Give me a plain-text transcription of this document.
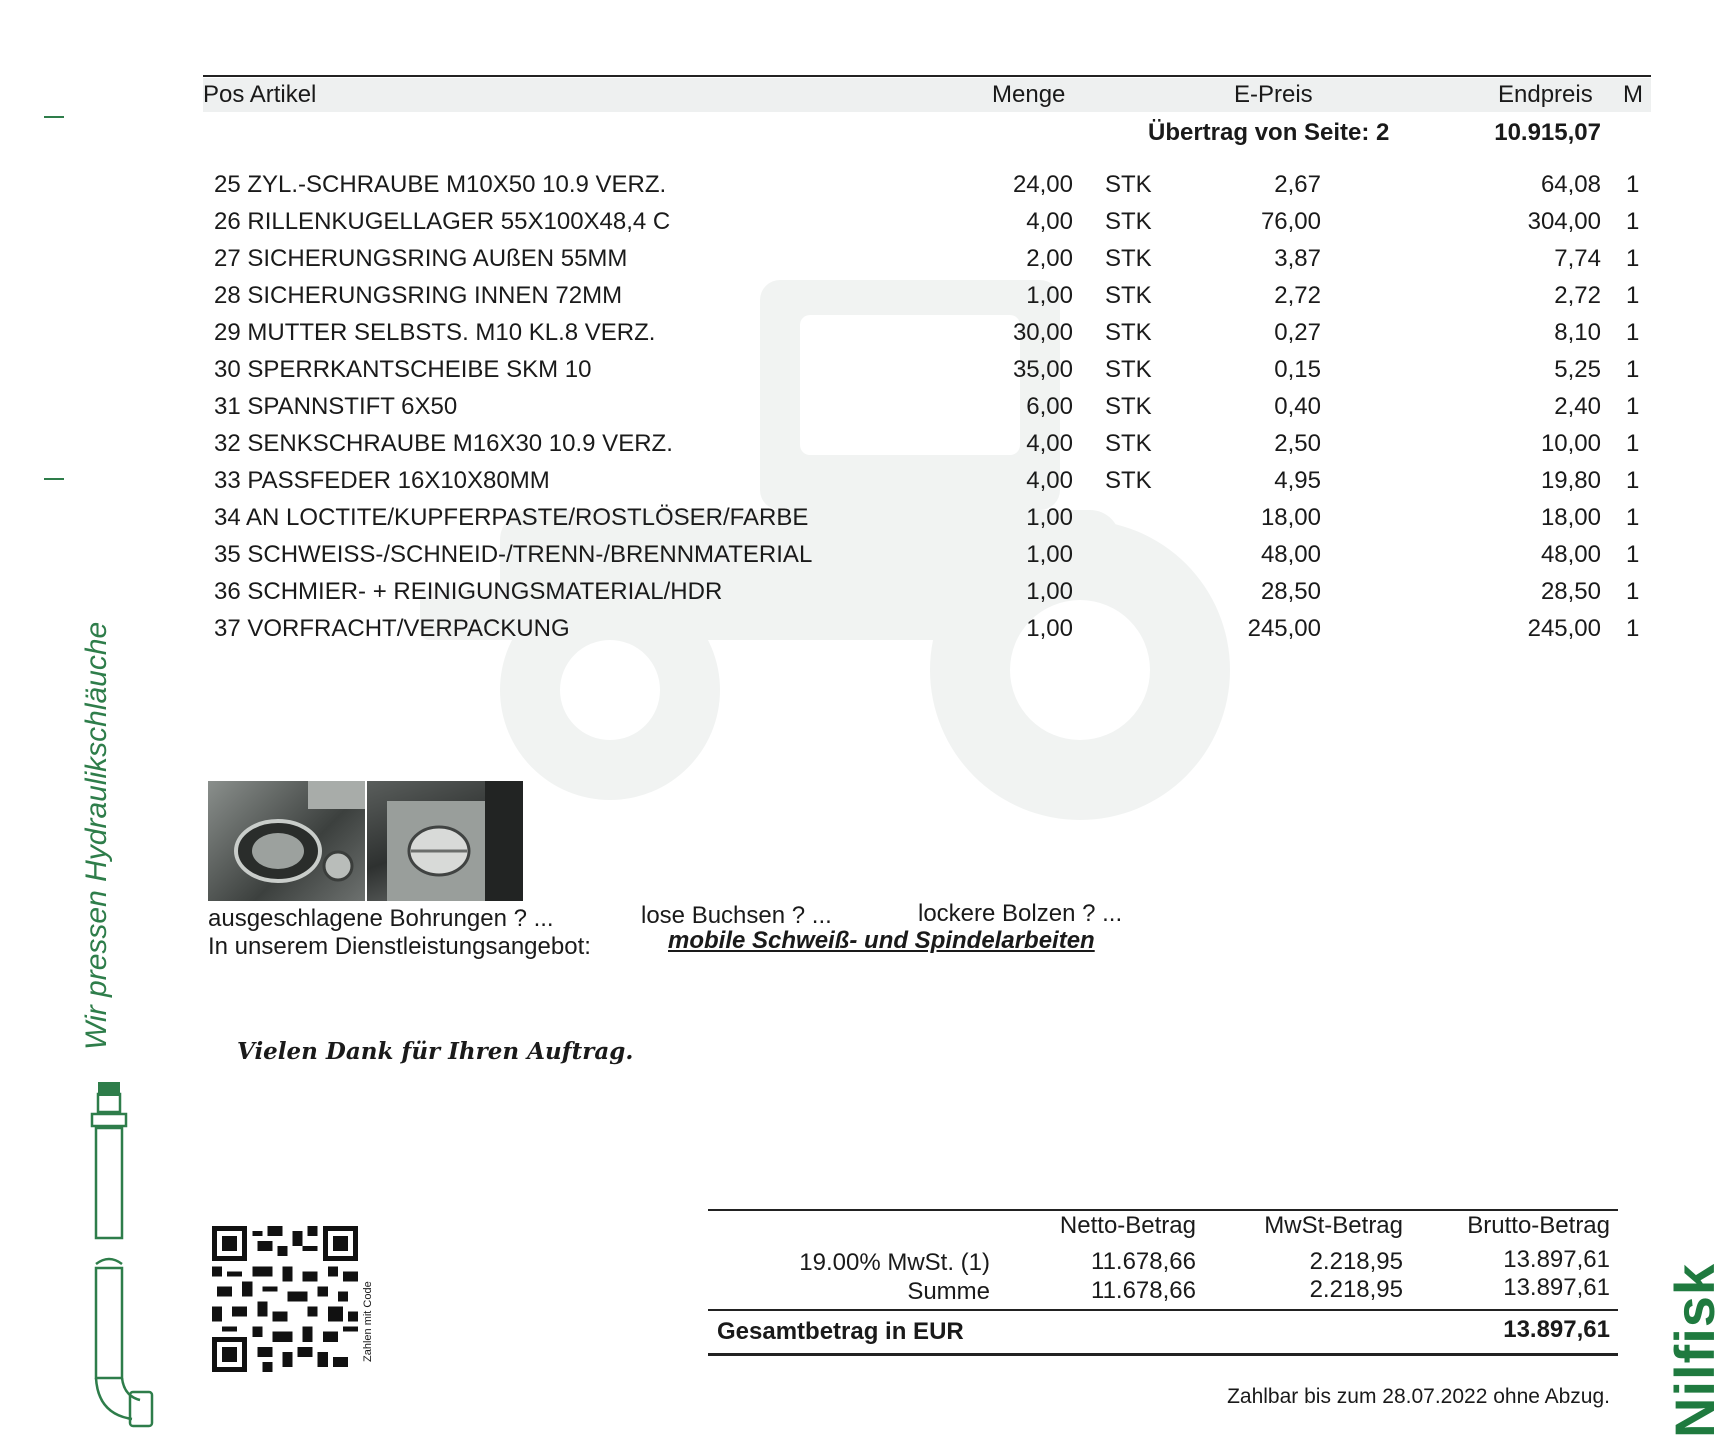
Wir pressen Hydraulikschläuche
Pos Artikel	Menge	E-Preis	Endpreis M
Übertrag von Seite: 2	10.915,07
25 ZYL.-SCHRAUBE M10X50 10.9 VERZ.	24,00 STK	2,67	64,08 1
26 RILLENKUGELLAGER 55X100X48,4 C	4,00 STK	76,00	304,00 1
27 SICHERUNGSRING AUßEN 55MM	2,00 STK	3,87	7,74 1
28 SICHERUNGSRING INNEN 72MM	1,00 STK	2,72	2,72 1
29 MUTTER SELBSTS. M10 KL.8 VERZ.	30,00 STK	0,27	8,10 1
30 SPERRKANTSCHEIBE SKM 10	35,00 STK	0,15	5,25 1
31 SPANNSTIFT 6X50	6,00 STK	0,40	2,40 1
32 SENKSCHRAUBE M16X30 10.9 VERZ.	4,00 STK	2,50	10,00 1
33 PASSFEDER 16X10X80MM	4,00 STK	4,95	19,80 1
34 AN LOCTITE/KUPFERPASTE/ROSTLÖSER/FARBE	1,00	18,00	18,00 1
35 SCHWEISS-/SCHNEID-/TRENN-/BRENNMATERIAL	1,00	48,00	48,00 1
36 SCHMIER- + REINIGUNGSMATERIAL/HDR	1,00	28,50	28,50 1
37 VORFRACHT/VERPACKUNG	1,00	245,00	245,00 1
ausgeschlagene Bohrungen ? ...	lose Buchsen ? ...	lockere Bolzen ? ...
In unserem Dienstleistungsangebot:	mobile Schweiß- und Spindelarbeiten
Vielen Dank für Ihren Auftrag.
Zahlen mit Code
Netto-Betrag	MwSt-Betrag	Brutto-Betrag
19.00% MwSt. (1)	11.678,66	2.218,95	13.897,61
Summe	11.678,66	2.218,95	13.897,61
Gesamtbetrag in EUR	13.897,61
Zahlbar bis zum 28.07.2022 ohne Abzug. Nilfisk
